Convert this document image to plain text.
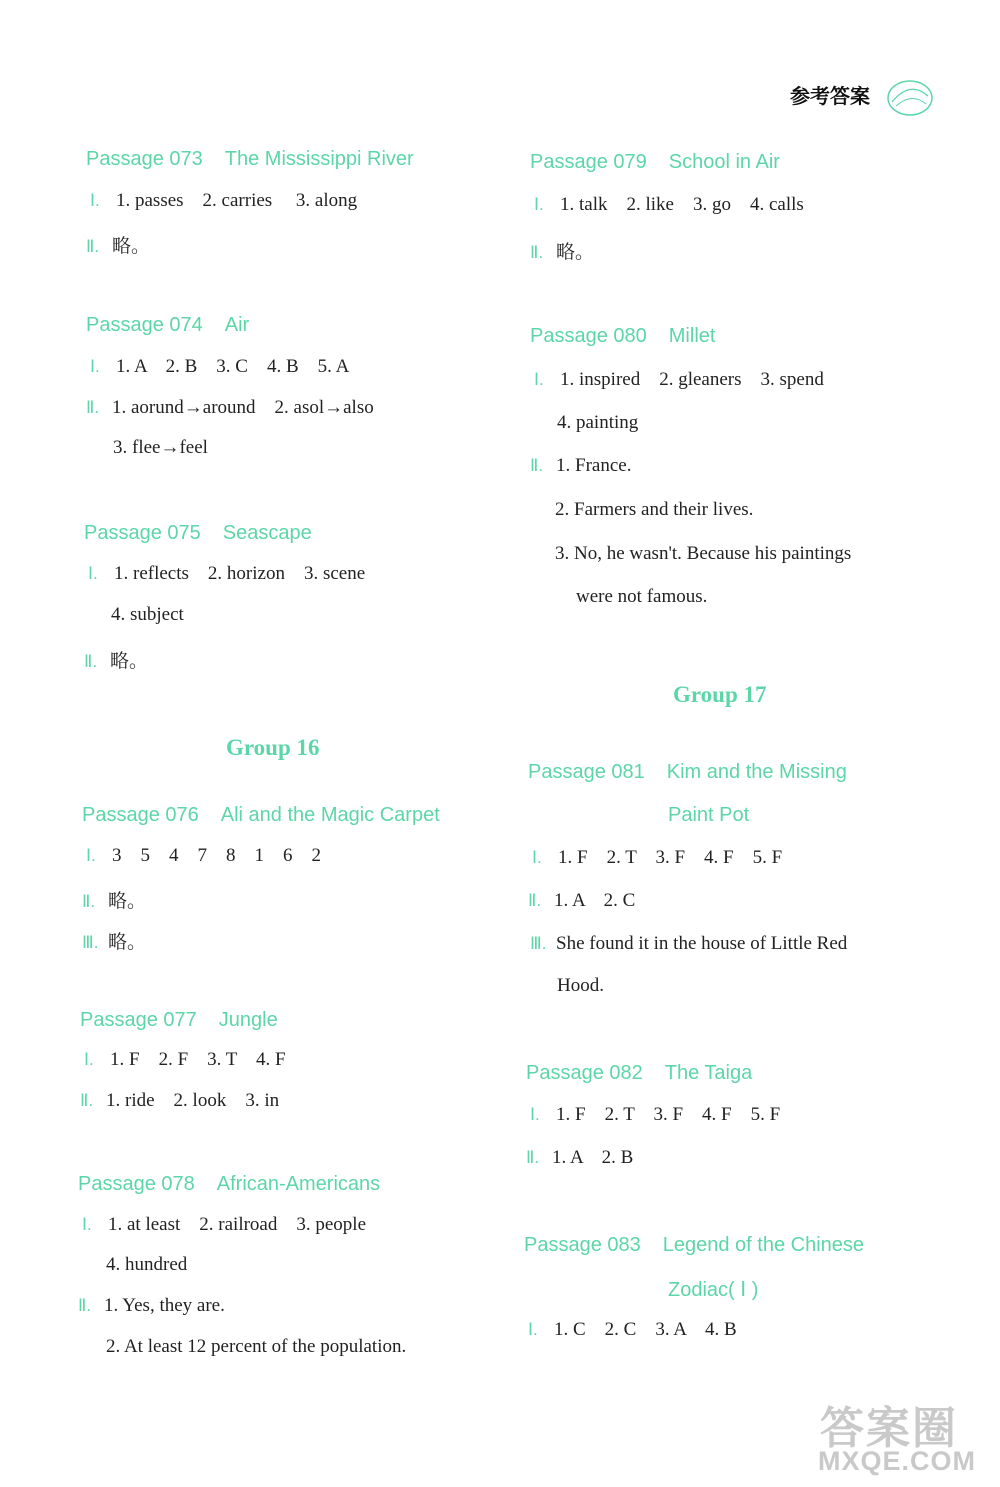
参考答案
Passage 073 The Mississippi River
Ⅰ. 1. passes    2. carries     3. along
Ⅱ. 略。
Passage 074 Air
Ⅰ. 1. A    2. B    3. C    4. B    5. A
Ⅱ. 1. aorund→around    2. asol→also
3. flee→feel
Passage 075 Seascape
Ⅰ. 1. reflects    2. horizon    3. scene
4. subject
Ⅱ. 略。
Group 16
Passage 076 Ali and the Magic Carpet
Ⅰ. 3    5    4    7    8    1    6    2
Ⅱ. 略。
Ⅲ. 略。
Passage 077 Jungle
Ⅰ. 1. F    2. F    3. T    4. F
Ⅱ. 1. ride    2. look    3. in
Passage 078 African-Americans
Ⅰ. 1. at least    2. railroad    3. people
4. hundred
Ⅱ. 1. Yes, they are.
2. At least 12 percent of the population.
Passage 079 School in Air
Ⅰ. 1. talk    2. like    3. go    4. calls
Ⅱ. 略。
Passage 080 Millet
Ⅰ. 1. inspired    2. gleaners    3. spend
4. painting
Ⅱ. 1. France.
2. Farmers and their lives.
3. No, he wasn't. Because his paintings
were not famous.
Group 17
Passage 081 Kim and the Missing
Paint Pot
Ⅰ. 1. F    2. T    3. F    4. F    5. F
Ⅱ. 1. A    2. C
Ⅲ. She found it in the house of Little Red
Hood.
Passage 082 The Taiga
Ⅰ. 1. F    2. T    3. F    4. F    5. F
Ⅱ. 1. A    2. B
Passage 083 Legend of the Chinese
Zodiac( Ⅰ )
Ⅰ. 1. C    2. C    3. A    4. B
答案圈
MXQE.COM
